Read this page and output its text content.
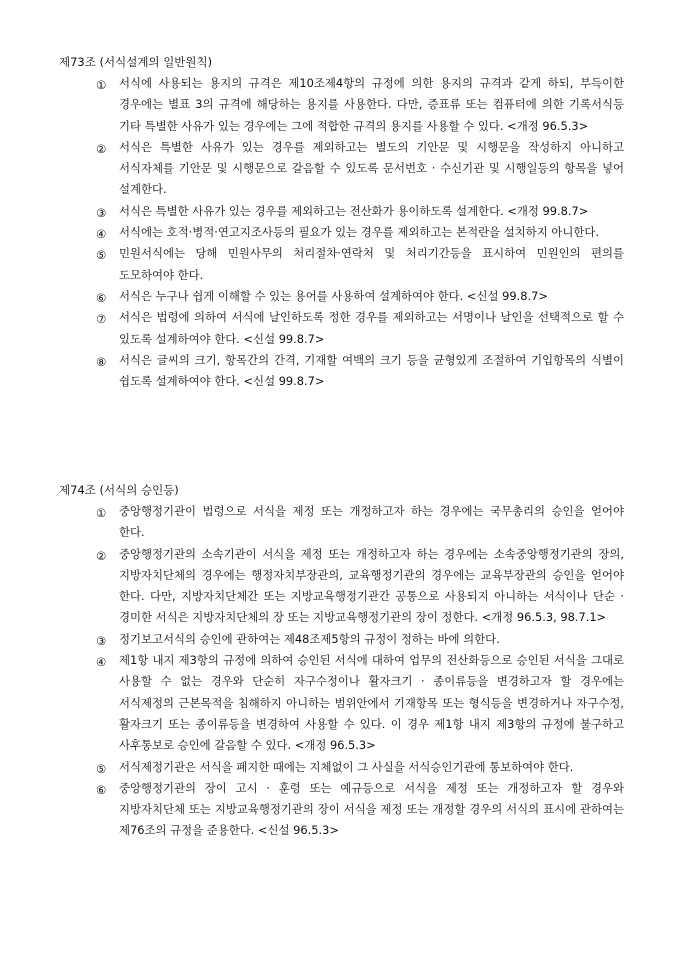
제73조 (서식설계의 일반원칙)
①	서식에 사용되는 용지의 규격은 제10조제4항의 규정에 의한 용지의 규격과 같게 하되, 부득이한 경우에는 별표 3의 규격에 해당하는 용지를 사용한다. 다만, 증표류 또는 컴퓨터에 의한 기록서식등 기타 특별한 사유가 있는 경우에는 그에 적합한 규격의 용지를 사용할 수 있다. <개정 96.5.3>
②	서식은 특별한 사유가 있는 경우를 제외하고는 별도의 기안문 및 시행문을 작성하지 아니하고 서식자체를 기안문 및 시행문으로 갈음할 수 있도록 문서번호 · 수신기관 및 시행일등의 항목을 넣어 설계한다.
③	서식은 특별한 사유가 있는 경우를 제외하고는 전산화가 용이하도록 설계한다. <개정 99.8.7>
④	서식에는 호적·병적·연고지조사등의 필요가 있는 경우를 제외하고는 본적란을 설치하지 아니한다.
⑤	민원서식에는 당해 민원사무의 처리절차·연락처 및 처리기간등을 표시하여 민원인의 편의를 도모하여야 한다.
⑥	서식은 누구나 쉽게 이해할 수 있는 용어를 사용하여 설계하여야 한다. <신설 99.8.7>
⑦	서식은 법령에 의하여 서식에 날인하도록 정한 경우를 제외하고는 서명이나 날인을 선택적으로 할 수 있도록 설계하여야 한다. <신설 99.8.7>
⑧	서식은 글씨의 크기, 항목간의 간격, 기재할 여백의 크기 등을 균형있게 조절하여 기입항목의 식별이 쉽도록 설계하여야 한다. <신설 99.8.7>
제74조 (서식의 승인등)
①	중앙행정기관이 법령으로 서식을 제정 또는 개정하고자 하는 경우에는 국무총리의 승인을 얻어야 한다.
②	중앙행정기관의 소속기관이 서식을 제정 또는 개정하고자 하는 경우에는 소속중앙행정기관의 장의, 지방자치단체의 경우에는 행정자치부장관의, 교육행정기관의 경우에는 교육부장관의 승인을 얻어야 한다. 다만, 지방자치단체간 또는 지방교육행정기관간 공통으로 사용되지 아니하는 서식이나 단순 · 경미한 서식은 지방자치단체의 장 또는 지방교육행정기관의 장이 정한다. <개정 96.5.3, 98.7.1>
③	정기보고서식의 승인에 관하여는 제48조제5항의 규정이 정하는 바에 의한다.
④	제1항 내지 제3항의 규정에 의하여 승인된 서식에 대하여 업무의 전산화등으로 승인된 서식을 그대로 사용할 수 없는 경우와 단순히 자구수정이나 활자크기 · 종이류등을 변경하고자 할 경우에는 서식제정의 근본목적을 침해하지 아니하는 범위안에서 기재항목 또는 형식등을 변경하거나 자구수정, 활자크기 또는 종이류등을 변경하여 사용할 수 있다. 이 경우 제1항 내지 제3항의 규정에 불구하고 사후통보로 승인에 갈음할 수 있다. <개정 96.5.3>
⑤	서식제정기관은 서식을 폐지한 때에는 지체없이 그 사실을 서식승인기관에 통보하여야 한다.
⑥	중앙행정기관의 장이 고시 · 훈령 또는 예규등으로 서식을 제정 또는 개정하고자 할 경우와 지방자치단체 또는 지방교육행정기관의 장이 서식을 제정 또는 개정할 경우의 서식의 표시에 관하여는 제76조의 규정을 준용한다. <신설 96.5.3>
